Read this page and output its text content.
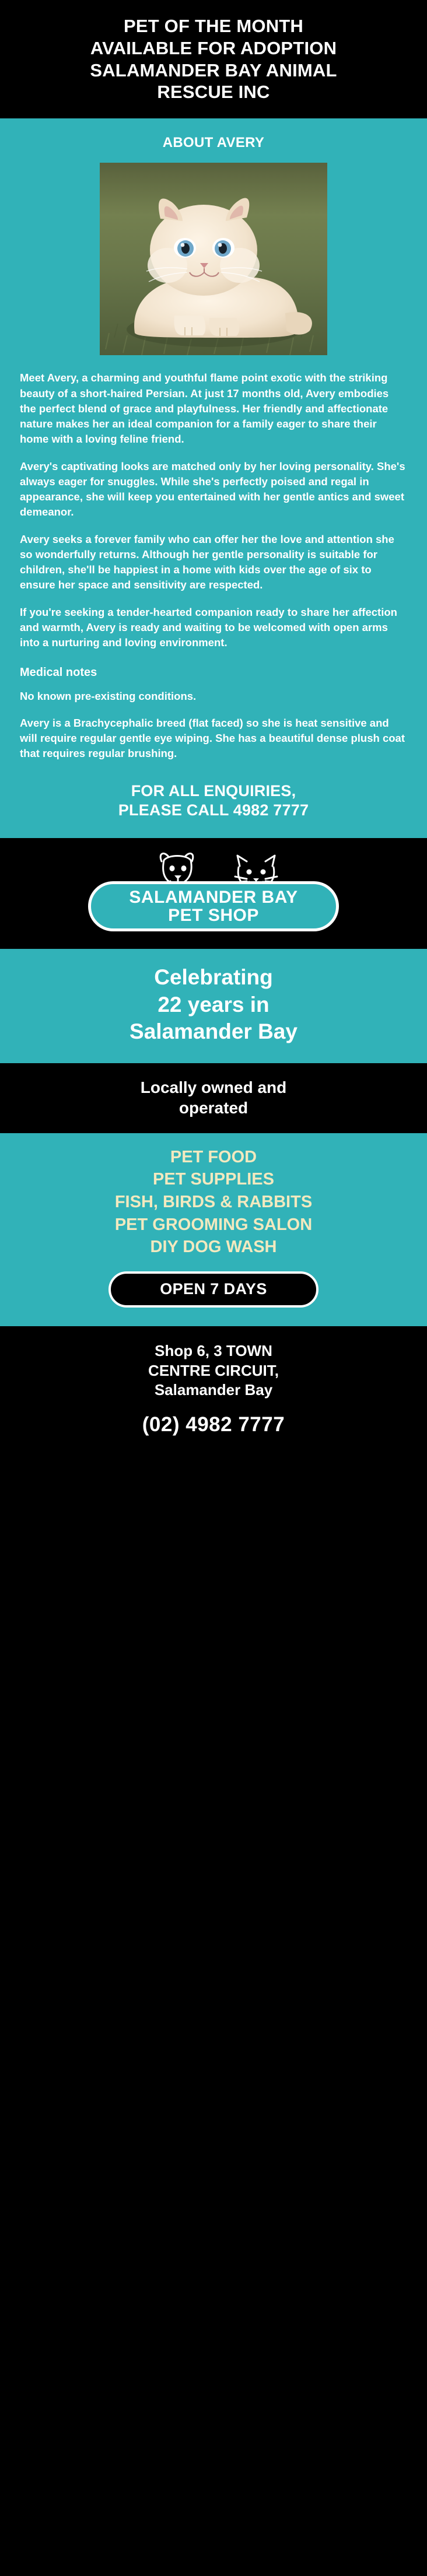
PET OF THE MONTH
AVAILABLE FOR ADOPTION
SALAMANDER BAY ANIMAL
RESCUE INC
ABOUT AVERY

Meet Avery, a charming and youthful flame point exotic with the striking beauty of a short-haired Persian. At just 17 months old, Avery embodies the perfect blend of grace and playfulness. Her friendly and affectionate nature makes her an ideal companion for a family eager to share their home with a loving feline friend.

Avery's captivating looks are matched only by her loving personality. She's always eager for snuggles. While she's perfectly poised and regal in appearance, she will keep you entertained with her gentle antics and sweet demeanor.

Avery seeks a forever family who can offer her the love and attention she so wonderfully returns. Although her gentle personality is suitable for children, she'll be happiest in a home with kids over the age of six to ensure her space and sensitivity are respected.

If you're seeking a tender-hearted companion ready to share her affection and warmth, Avery is ready and waiting to be welcomed with open arms into a nurturing and loving environment.

Medical notes

No known pre-existing conditions.

Avery is a Brachycephalic breed (flat faced) so she is heat sensitive and will require regular gentle eye wiping. She has a beautiful dense plush coat that requires regular brushing.

FOR ALL ENQUIRIES,
PLEASE CALL 4982 7777
SALAMANDER BAY
PET SHOP
Celebrating
22 years in
Salamander Bay
Locally owned and
operated
PET FOOD
PET SUPPLIES
FISH, BIRDS & RABBITS
PET GROOMING SALON
DIY DOG WASH
OPEN 7 DAYS
Shop 6, 3 TOWN
CENTRE CIRCUIT,
Salamander Bay
(02) 4982 7777
